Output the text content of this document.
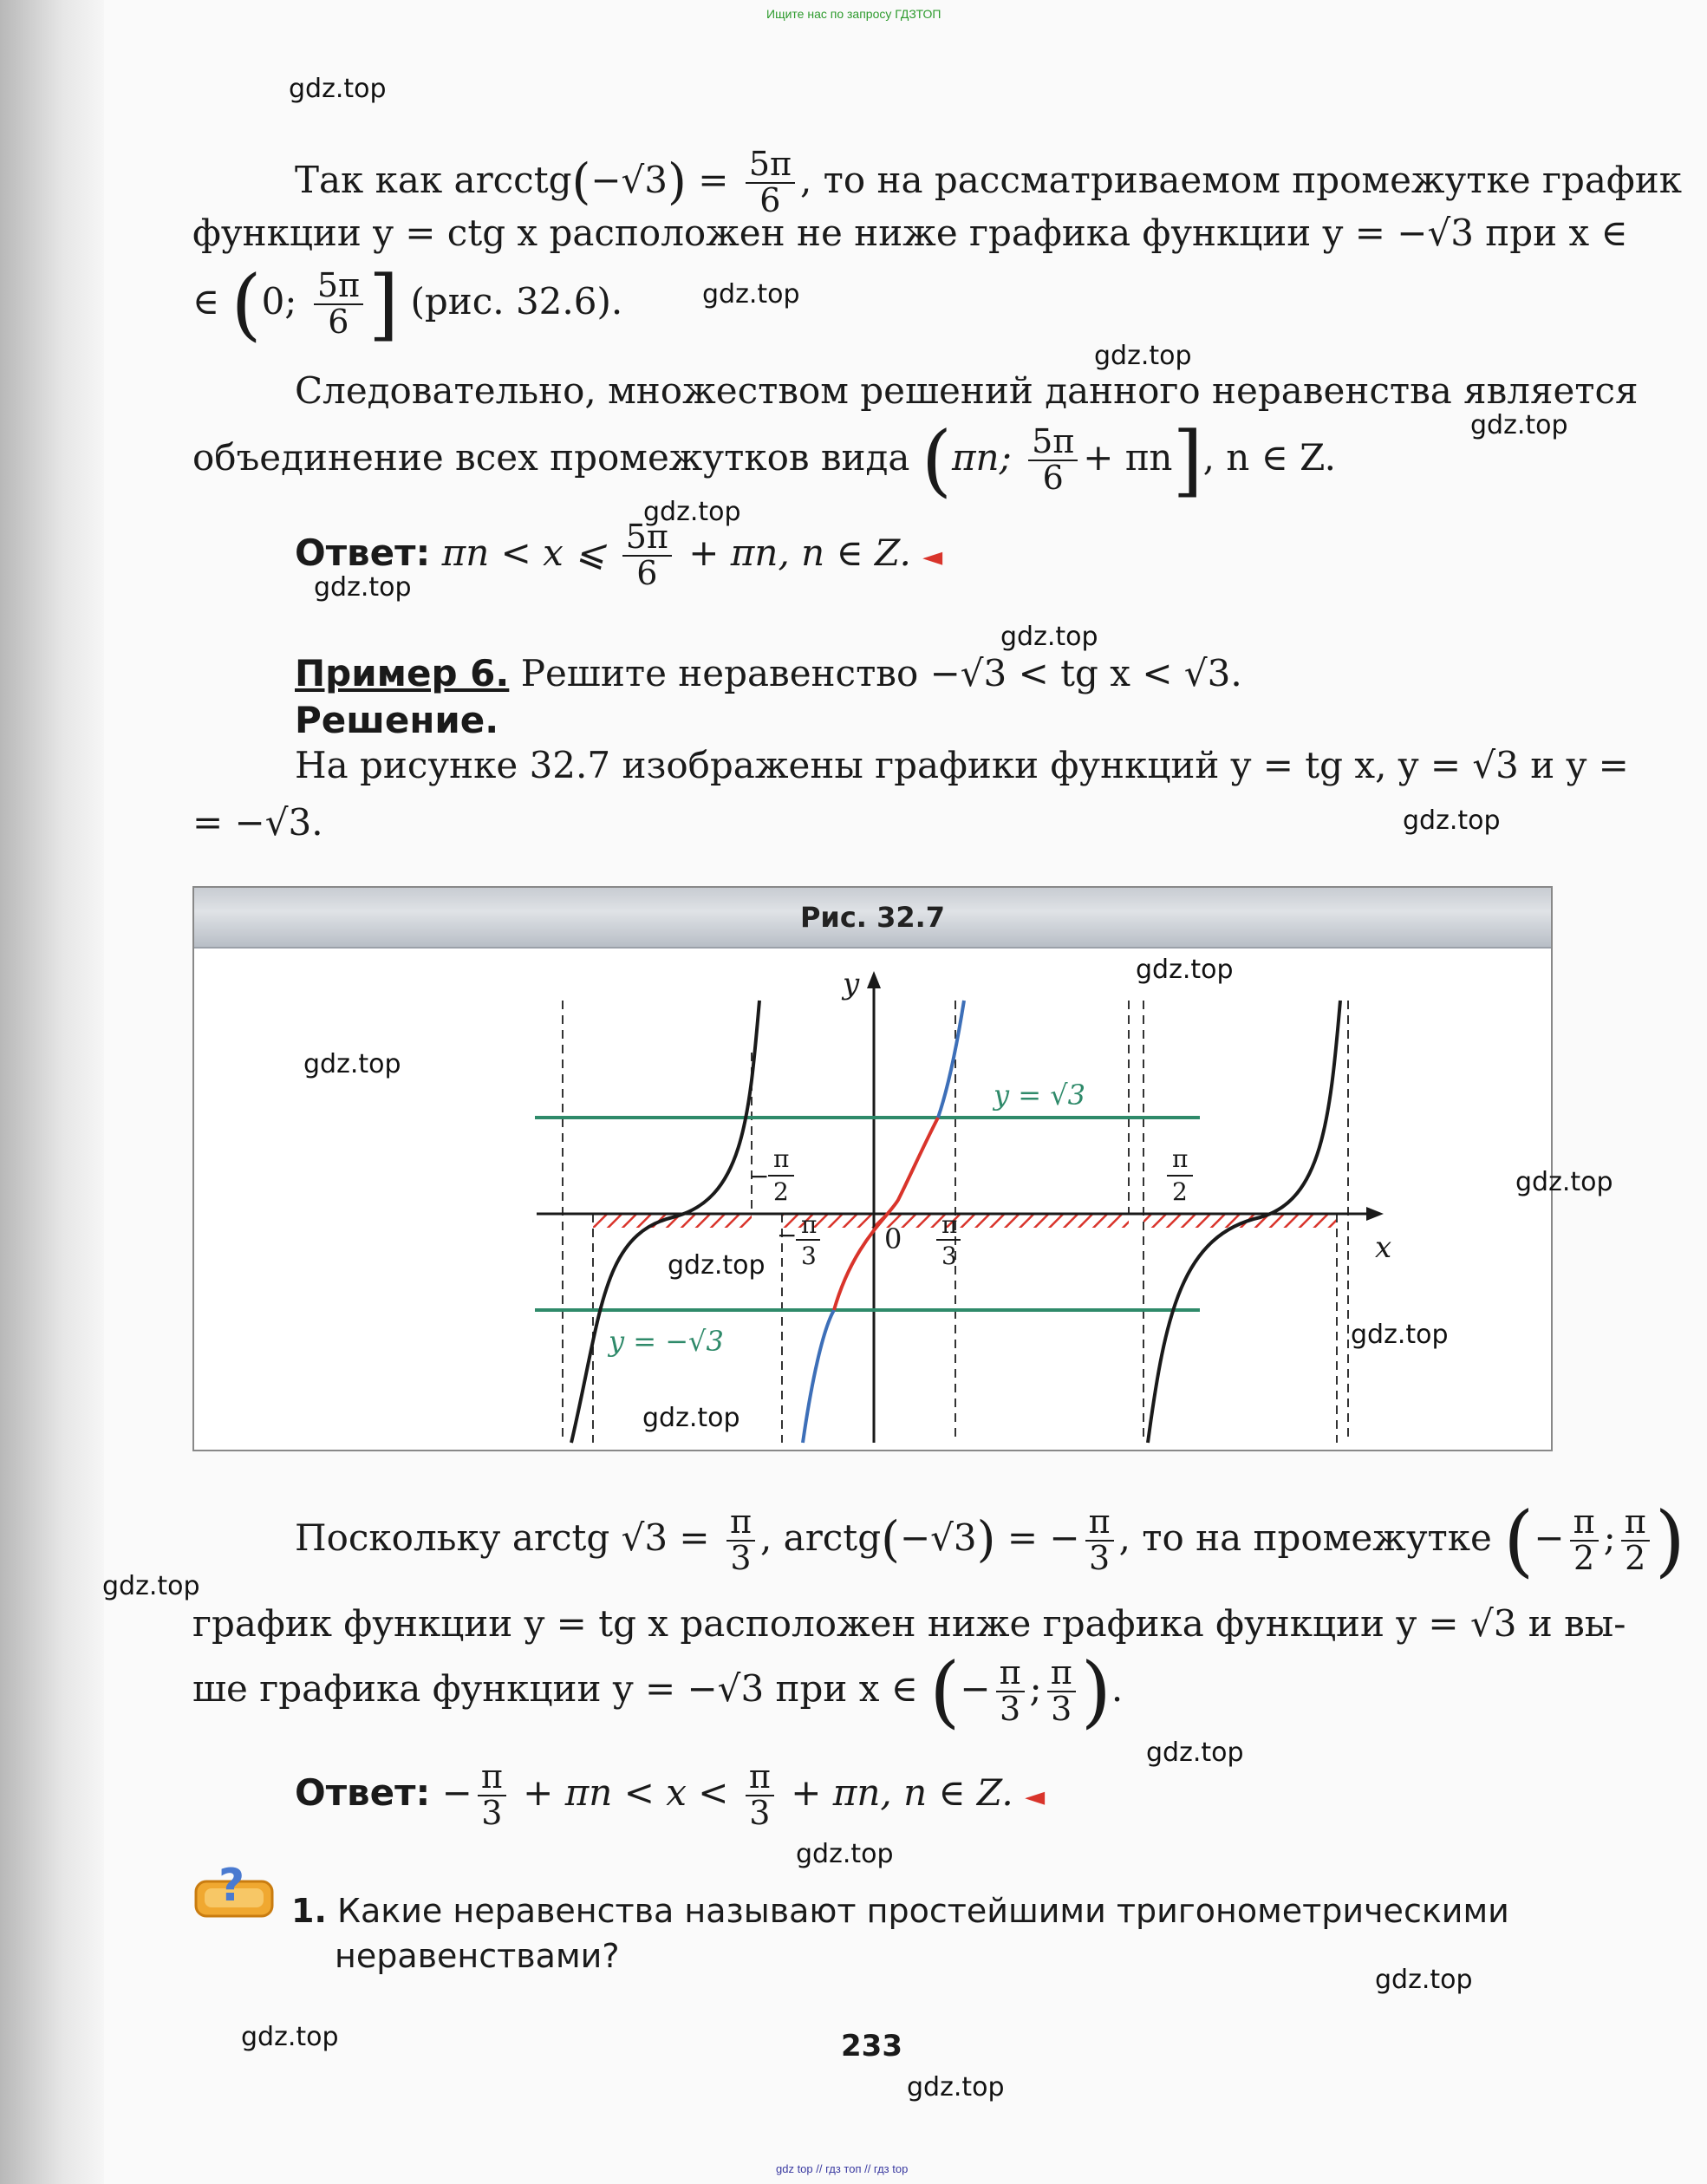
Ищите нас по запросу ГДЗТОП
Так как arcctg(−√3) = $\frac{5\pi}{6}$ , то на рассматриваемом промежутке график
функции y = ctg x расположен не ниже графика функции y = −√3 при x ∈
∈ (0; $\frac{5\pi}{6}$ ] (рис. 32.6).
Следовательно, множеством решений данного неравенства является
объединение всех промежутков вида (πn; $\frac{5\pi}{6} + \pi n$], n ∈ Z.
Ответ: πn < x ⩽ $\frac{5\pi}{6} + \pi n$, n ∈ Z. ◄
Пример 6. Решите неравенство −√3 < tg x < √3.
Решение.
На рисунке 32.7 изображены графики функций y = tg x, y = √3 и y =
= −√3.
Рис. 32.7
y
x
0
y = √3
y = −√3
−
π
2
π
2
− π
3
π
3
Поскольку arctg $√3 = \frac{\pi}{3}$ , arctg(−√3) = − $\frac{\pi}{3}$ , то на промежутке (− $\frac{\pi}{2}$ ; $\frac{\pi}{2}$ )
график функции y = tg x расположен ниже графика функции y = √3 и вы-
ше графика функции y = −√3 при x ∈ (− $\frac{\pi}{3}$ ; $\frac{\pi}{3}$ ).
Ответ: − $\frac{\pi}{3} + \pi n < x < \frac{\pi}{3} + \pi n$, n ∈ Z. ◄
? 1. Какие неравенства называют простейшими тригонометрическими
неравенствами?
233
gdz top // гдз топ // гдз top
gdz.top
gdz.top
gdz.top
gdz.top
gdz.top
gdz.top
gdz.top
gdz.top
gdz.top
gdz.top
gdz.top
gdz.top
gdz.top
gdz.top
gdz.top
gdz.top
gdz.top
gdz.top
gdz.top
gdz.top
